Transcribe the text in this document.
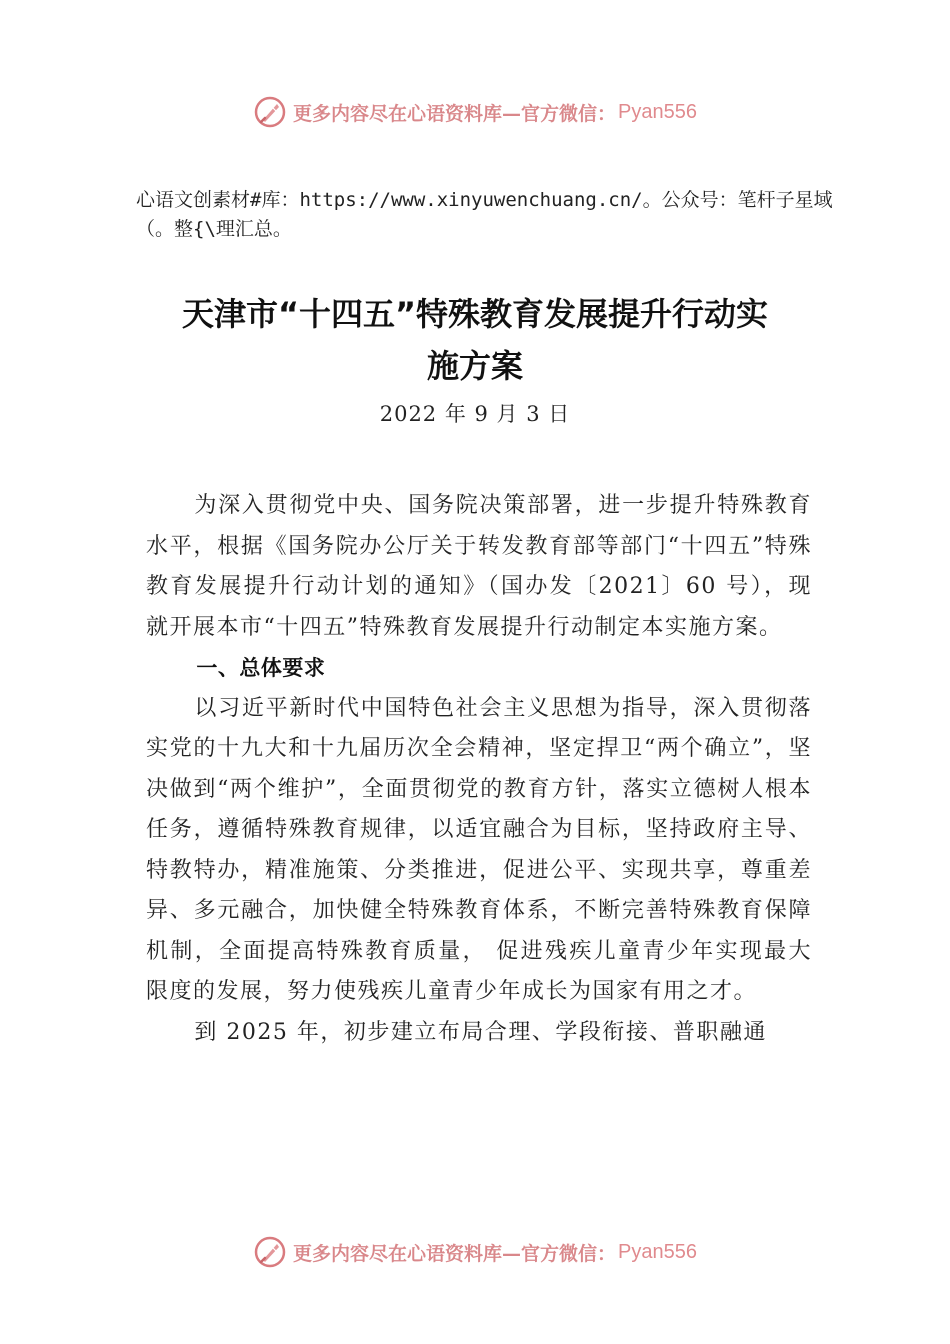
更多内容尽在心语资料库—官方微信： Pyan556
心语文创素材#库：https://www.xinyuwenchuang.cn/。公众号：笔杆子星域（。整{\理汇总。
天津市“十四五”特殊教育发展提升行动实
施方案
2022 年 9 月 3 日

为深入贯彻党中央、国务院决策部署，进一步提升特殊教育水平，根据《国务院办公厅关于转发教育部等部门“十四五”特殊教育发展提升行动计划的通知》（国办发〔2021〕60 号），现就开展本市“十四五”特殊教育发展提升行动制定本实施方案。

一、总体要求

以习近平新时代中国特色社会主义思想为指导，深入贯彻落实党的十九大和十九届历次全会精神，坚定捍卫“两个确立”，坚决做到“两个维护”，全面贯彻党的教育方针，落实立德树人根本任务，遵循特殊教育规律，以适宜融合为目标，坚持政府主导、特教特办，精准施策、分类推进，促进公平、实现共享，尊重差异、多元融合，加快健全特殊教育体系，不断完善特殊教育保障机制，全面提高特殊教育质量， 促进残疾儿童青少年实现最大限度的发展，努力使残疾儿童青少年成长为国家有用之才。

到 2025 年，初步建立布局合理、学段衔接、普职融通

更多内容尽在心语资料库—官方微信： Pyan556
